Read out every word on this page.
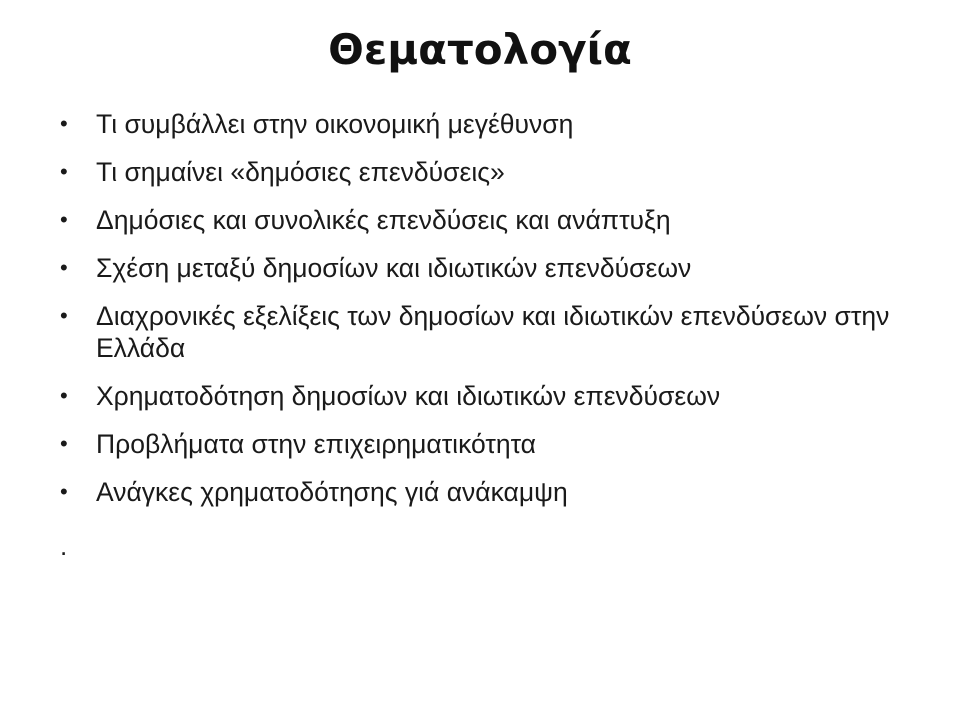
Θεματολογία
•	Τι συμβάλλει στην οικονομική μεγέθυνση
•	Τι σημαίνει «δημόσιες επενδύσεις»
•	Δημόσιες και συνολικές επενδύσεις και ανάπτυξη
•	Σχέση μεταξύ δημοσίων και ιδιωτικών επενδύσεων
•	Διαχρονικές εξελίξεις των δημοσίων και ιδιωτικών επενδύσεων στην Ελλάδα
•	Χρηματοδότηση δημοσίων και ιδιωτικών επενδύσεων
•	Προβλήματα στην επιχειρηματικότητα
•	Ανάγκες χρηματοδότησης γιά ανάκαμψη
.
